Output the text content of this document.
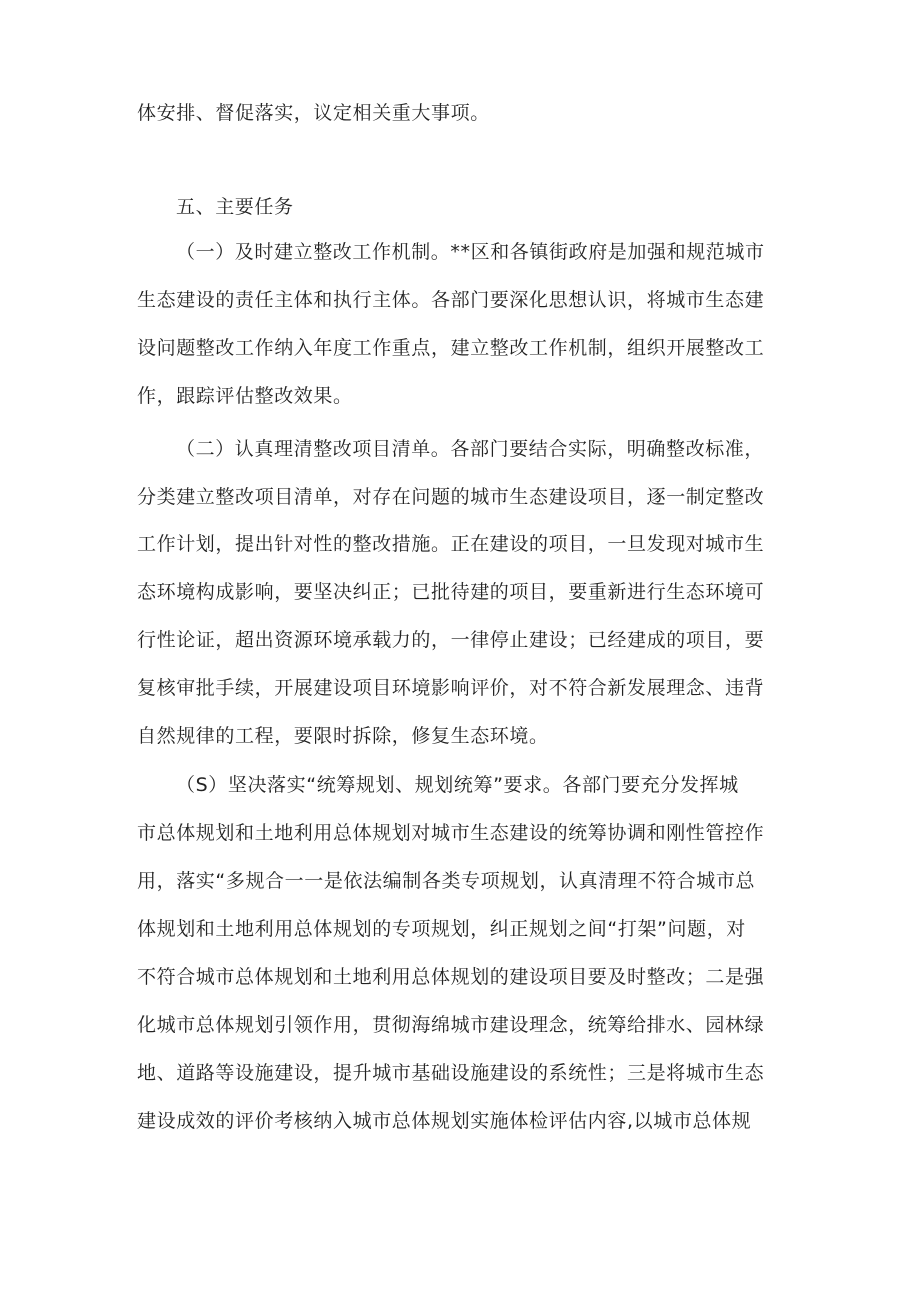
体安排、督促落实，议定相关重大事项。
五、主要任务
（一）及时建立整改工作机制。**区和各镇街政府是加强和规范城市
生态建设的责任主体和执行主体。各部门要深化思想认识，将城市生态建
设问题整改工作纳入年度工作重点，建立整改工作机制，组织开展整改工
作，跟踪评估整改效果。
（二）认真理清整改项目清单。各部门要结合实际，明确整改标准，
分类建立整改项目清单，对存在问题的城市生态建设项目，逐一制定整改
工作计划，提出针对性的整改措施。正在建设的项目，一旦发现对城市生
态环境构成影响，要坚决纠正；已批待建的项目，要重新进行生态环境可
行性论证，超出资源环境承载力的，一律停止建设；已经建成的项目，要
复核审批手续，开展建设项目环境影响评价，对不符合新发展理念、违背
自然规律的工程，要限时拆除，修复生态环境。
（S）坚决落实“统筹规划、规划统筹”要求。各部门要充分发挥城
市总体规划和土地利用总体规划对城市生态建设的统筹协调和刚性管控作
用，落实“多规合一一是依法编制各类专项规划，认真清理不符合城市总
体规划和土地利用总体规划的专项规划，纠正规划之间“打架”问题，对
不符合城市总体规划和土地利用总体规划的建设项目要及时整改；二是强
化城市总体规划引领作用，贯彻海绵城市建设理念，统筹给排水、园林绿
地、道路等设施建设，提升城市基础设施建设的系统性；三是将城市生态
建设成效的评价考核纳入城市总体规划实施体检评估内容,以城市总体规
